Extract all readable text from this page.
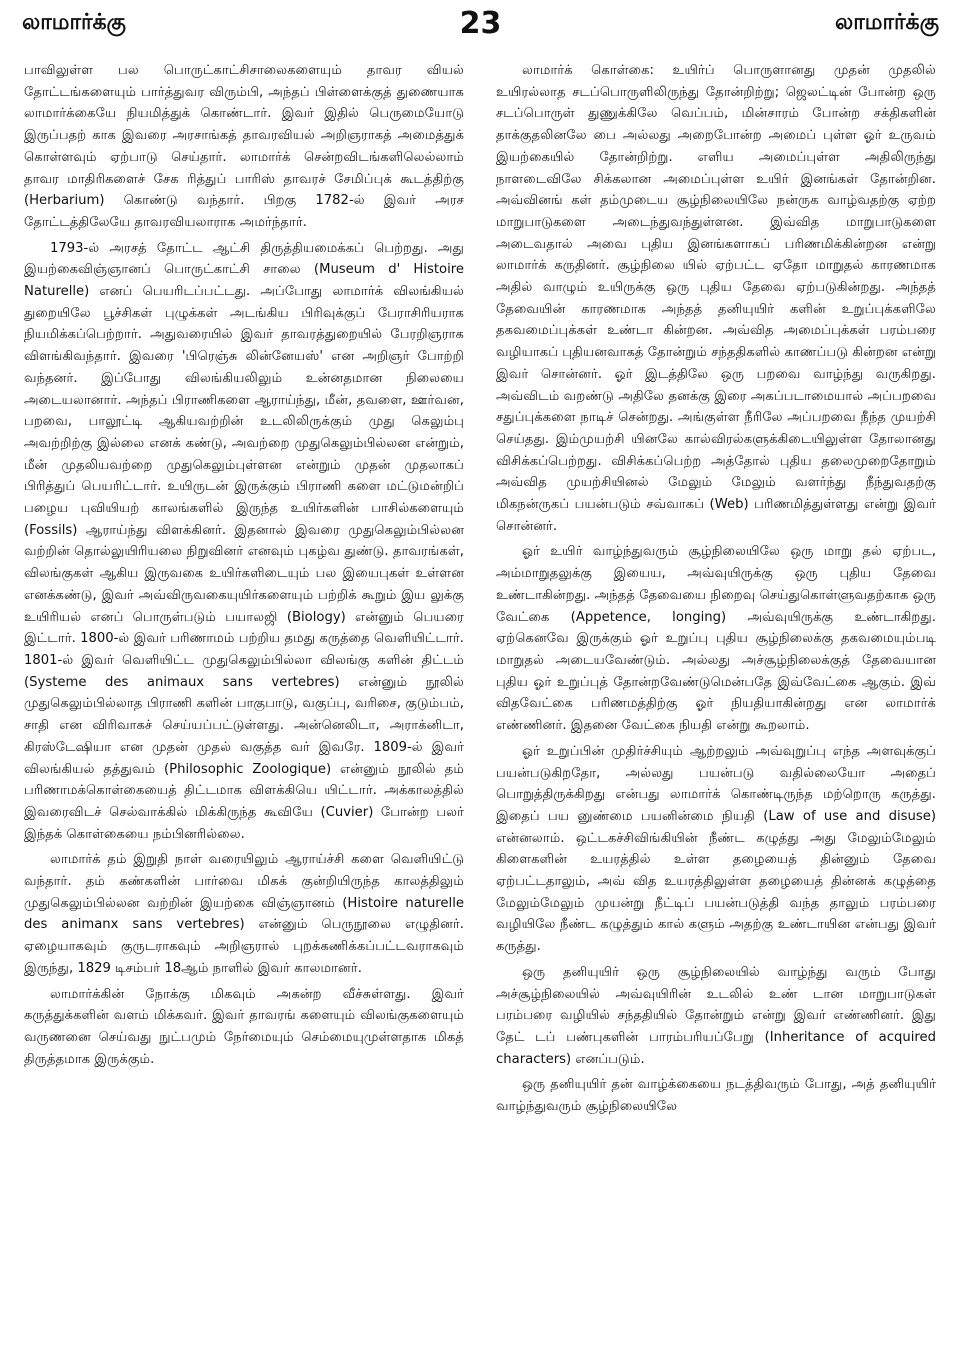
லாமார்க்கு	23	லாமார்க்கு

பாவிலுள்ள பல பொருட்காட்சிசாலைகளையும் தாவர வியல் தோட்டங்களையும் பார்த்துவர விரும்பி, அந்தப் பிள்ளைக்குத் துணையாக லாமார்க்கையே நியமித்துக் கொண்டார். இவர் இதில் பெருமையோடு இருப்பதற் காக இவரை அரசாங்கத் தாவரவியல் அறிஞராகத் அமைத்துக் கொள்ளவும் ஏற்பாடு செய்தார். லாமார்க் சென்றவிடங்களிலெல்லாம் தாவர மாதிரிகளைச் சேக ரித்துப் பாரிஸ் தாவரச் சேமிப்புக் கூடத்திற்கு (Herbarium) கொண்டு வந்தார். பிறகு 1782-ல் இவர் அரச தோட்டத்திலேயே தாவரவியலாராக அமர்ந்தார்.

1793-ல் அரசத் தோட்ட ஆட்சி திருத்தியமைக்கப் பெற்றது. அது இயற்கைவிஞ்ஞானப் பொருட்காட்சி சாலை (Museum d' Histoire Naturelle) எனப் பெயரிடப்பட்டது. அப்போது லாமார்க் விலங்கியல் துறையிலே பூச்சிகள் புழுக்கள் அடங்கிய பிரிவுக்குப் பேராசிரியராக நியமிக்கப்பெற்றார். அதுவரையில் இவர் தாவரத்துறையில் பேரறிஞராக விளங்கிவந்தார். இவரை 'பிரெஞ்சு லின்னேயஸ்' என அறிஞர் போற்றி வந்தனர். இப்போது விலங்கியலிலும் உன்னதமான நிலையை அடையலானார். அந்தப் பிராணிகளை ஆராய்ந்து, மீன், தவளை, ஊர்வன, பறவை, பாலூட்டி ஆகியவற்றின் உடலிலிருக்கும் முது கெலும்பு அவற்றிற்கு இல்லை எனக் கண்டு, அவற்றை முதுகெலும்பில்லன என்றும், மீன் முதலியவற்றை முதுகெலும்புள்ளன என்றும் முதன் முதலாகப் பிரித்துப் பெயரிட்டார். உயிருடன் இருக்கும் பிராணி களை மட்டுமன்றிப் பழைய புவியியற் காலங்களில் இருந்த உயிர்களின் பாசில்களையும் (Fossils) ஆராய்ந்து விளக்கினர். இதனால் இவரை முதுகெலும்பில்லன வற்றின் தொல்லுயிரியலை நிறுவினர் எனவும் புகழ்வ துண்டு. தாவரங்கள், விலங்குகள் ஆகிய இருவகை உயிர்களிடையும் பல இயைபுகள் உள்ளன எனக்கண்டு, இவர் அவ்விருவகையுயிர்களையும் பற்றிக் கூறும் இய லுக்கு உயிரியல் எனப் பொருள்படும் பயாலஜி (Biology) என்னும் பெயரை இட்டார். 1800-ல் இவர் பரிணாமம் பற்றிய தமது கருத்தை வெளியிட்டார். 1801-ல் இவர் வெளியிட்ட முதுகெலும்பில்லா விலங்கு களின் திட்டம் (Systeme des animaux sans vertebres) என்னும் நூலில் முதுகெலும்பில்லாத பிராணி களின் பாகுபாடு, வகுப்பு, வரிசை, குடும்பம், சாதி என விரிவாகச் செய்யப்பட்டுள்ளது. அன்னெலிடா, அராக்னிடா, கிரஸ்டேஷியா என முதன் முதல் வகுத்த வர் இவரே. 1809-ல் இவர் விலங்கியல் தத்துவம் (Philosophic Zoologique) என்னும் நூலில் தம் பரிணாமக்கொள்கையைத் திட்டமாக விளக்கியெ யிட்டார். அக்காலத்தில் இவரைவிடச் செல்வாக்கில் மிக்கிருந்த கூவியே (Cuvier) போன்ற பலர் இந்தக் கொள்கையை நம்பினரில்லை.

லாமார்க் தம் இறுதி நாள் வரையிலும் ஆராய்ச்சி களை வெளியிட்டு வந்தார். தம் கண்களின் பார்வை மிகக் குன்றியிருந்த காலத்திலும் முதுகெலும்பில்லன வற்றின் இயற்கை விஞ்ஞானம் (Histoire naturelle des animanx sans vertebres) என்னும் பெருநூலை எழுதினர். ஏழையாகவும் குருடராகவும் அறிஞரால் புறக்கணிக்கப்பட்டவராகவும் இருந்து, 1829 டிசம்பர் 18ஆம் நாளில் இவர் காலமானர்.

லாமார்க்கின் நோக்கு மிகவும் அகன்ற வீச்சுள்ளது. இவர் கருத்துக்களின் வளம் மிக்கவர். இவர் தாவரங் களையும் விலங்குகளையும் வருணனை செய்வது நுட்பமும் நேர்மையும் செம்மையுமுள்ளதாக மிகத் திருத்தமாக இருக்கும்.

லாமார்க் கொள்கை: உயிர்ப் பொருளானது முதன் முதலில் உயிரல்லாத சடப்பொருளிலிருந்து தோன்றிற்று; ஜெலட்டின் போன்ற ஒரு சடப்பொருள் துணுக்கிலே வெப்பம், மின்சாரம் போன்ற சக்திகளின் தாக்குதலினலே பை அல்லது அறைபோன்ற அமைப் புள்ள ஓர் உருவம் இயற்கையில் தோன்றிற்று. எளிய அமைப்புள்ள அதிலிருந்து நாளடைவிலே சிக்கலான அமைப்புள்ள உயிர் இனங்கள் தோன்றின. அவ்வினங் கள் தம்முடைய சூழ்நிலையிலே நன்ருக வாழ்வதற்கு ஏற்ற மாறுபாடுகளை அடைந்துவந்துள்ளன. இவ்வித மாறுபாடுகளை அடைவதால் அவை புதிய இனங்களாகப் பரிணமிக்கின்றன என்று லாமார்க் கருதினர். சூழ்நிலை யில் ஏற்பட்ட ஏதோ மாறுதல் காரணமாக அதில் வாழும் உயிருக்கு ஒரு புதிய தேவை ஏற்படுகின்றது. அந்தத் தேவையின் காரணமாக அந்தத் தனியுயிர் களின் உறுப்புக்களிலே தகவமைப்புக்கள் உண்டா கின்றன. அவ்வித அமைப்புக்கள் பரம்பரை வழியாகப் புதியனவாகத் தோன்றும் சந்ததிகளில் காணப்படு கின்றன என்று இவர் சொன்னர். ஓர் இடத்திலே ஒரு பறவை வாழ்ந்து வருகிறது. அவ்விடம் வறண்டு அதிலே தனக்கு இரை அகப்படாமையால் அப்பறவை சதுப்புக்களை நாடிச் சென்றது. அங்குள்ள நீரிலே அப்பறவை நீந்த முயற்சி செய்தது. இம்முயற்சி யினலே கால்விரல்களுக்கிடையிலுள்ள தோலானது விசிக்கப்பெற்றது. விசிக்கப்பெற்ற அத்தோல் புதிய தலைமுறைதோறும் அவ்வித முயற்சியினல் மேலும் மேலும் வளர்ந்து நீந்துவதற்கு மிகநன்ருகப் பயன்படும் சவ்வாகப் (Web) பரிணமித்துள்ளது என்று இவர் சொன்னர்.

ஓர் உயிர் வாழ்ந்துவரும் சூழ்நிலையிலே ஒரு மாறு தல் ஏற்பட, அம்மாறுதலுக்கு இயைய, அவ்வுயிருக்கு ஒரு புதிய தேவை உண்டாகின்றது. அந்தத் தேவையை நிறைவு செய்துகொள்ளுவதற்காக ஒரு வேட்கை (Appetence, longing) அவ்வுயிருக்கு உண்டாகிறது. ஏற்கெனவே இருக்கும் ஓர் உறுப்பு புதிய சூழ்நிலைக்கு தகவமையும்படி மாறுதல் அடையவேண்டும். அல்லது அச்சூழ்நிலைக்குத் தேவையான புதிய ஓர் உறுப்புத் தோன்றவேண்டுமென்பதே இவ்வேட்கை ஆகும். இவ் விதவேட்கை பரிணமத்திற்கு ஓர் நியதியாகின்றது என லாமார்க் எண்ணினர். இதனை வேட்கை நியதி என்று கூறலாம்.

ஓர் உறுப்பின் முதிர்ச்சியும் ஆற்றலும் அவ்வுறுப்பு எந்த அளவுக்குப் பயன்படுகிறதோ, அல்லது பயன்படு வதில்லையோ அதைப் பொறுத்திருக்கிறது என்பது லாமார்க் கொண்டிருந்த மற்றொரு கருத்து. இதைப் பய னுண்மை பயனின்மை நியதி (Law of use and disuse) என்னலாம். ஒட்டகச்சிவிங்கியின் நீண்ட கழுத்து அது மேலும்மேலும் கிளைகளின் உயரத்தில் உள்ள தழையைத் தின்னும் தேவை ஏற்பட்டதாலும், அவ் வித உயரத்திலுள்ள தழையைத் தின்னக் கழுத்தை மேலும்மேலும் முயன்று நீட்டிப் பயன்படுத்தி வந்த தாலும் பரம்பரை வழியிலே நீண்ட கழுத்தும் கால் களும் அதற்கு உண்டாயின என்பது இவர் கருத்து.

ஒரு தனியுயிர் ஒரு சூழ்நிலையில் வாழ்ந்து வரும் போது அச்சூழ்நிலையில் அவ்வுயிரின் உடலில் உண் டான மாறுபாடுகள் பரம்பரை வழியில் சந்ததியில் தோன்றும் என்று இவர் எண்ணினர். இது தேட் டப் பண்புகளின் பாரம்பரியப்பேறு (Inheritance of acquired characters) எனப்படும்.

ஒரு தனியுயிர் தன் வாழ்க்கையை நடத்திவரும் போது, அத் தனியுயிர் வாழ்ந்துவரும் சூழ்நிலையிலே
